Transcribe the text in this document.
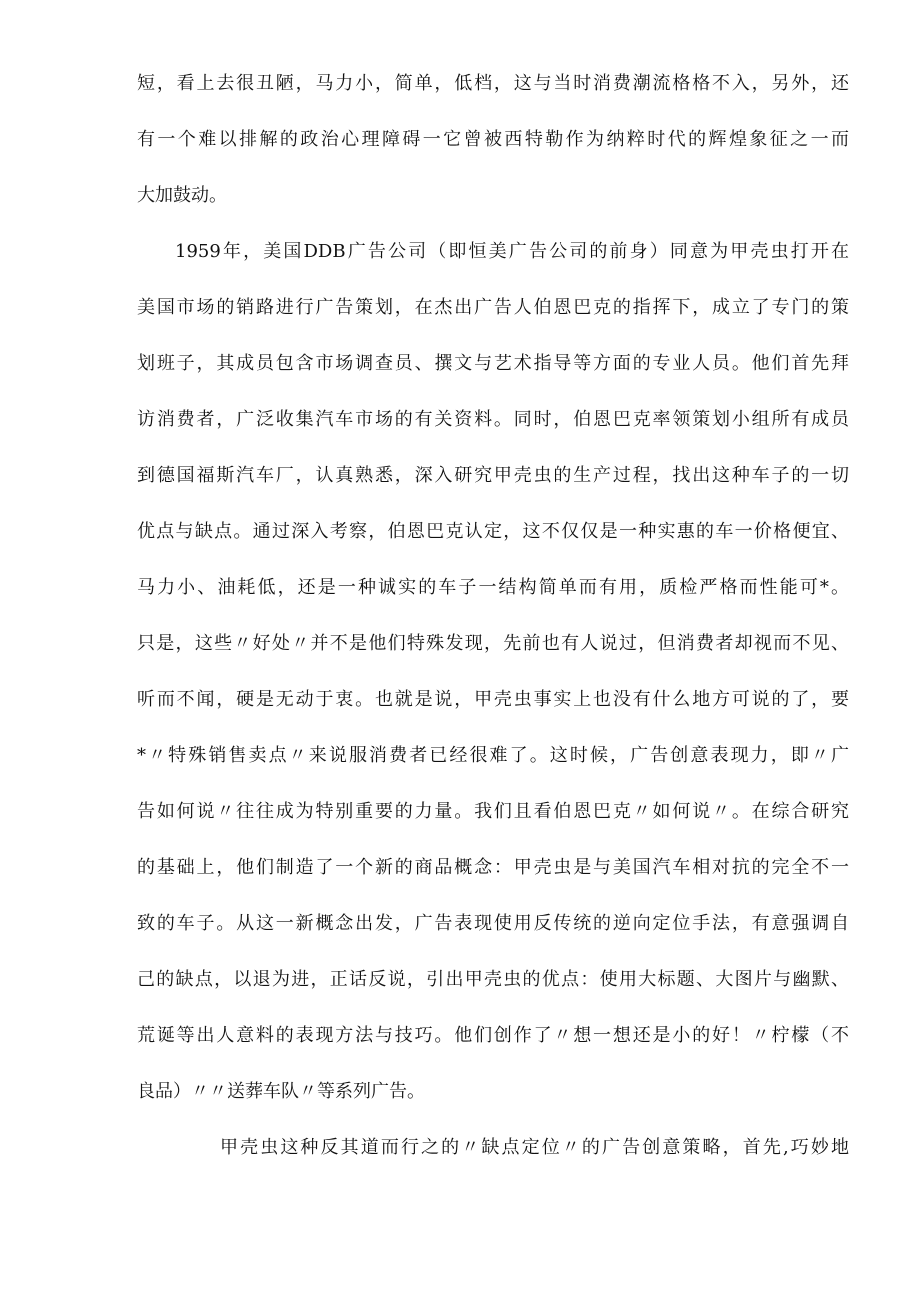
短，看上去很丑陋，马力小，简单，低档，这与当时消费潮流格格不入，另外，还
有一个难以排解的政治心理障碍一它曾被西特勒作为纳粹时代的辉煌象征之一而
大加鼓动。
1959年，美国DDB广告公司（即恒美广告公司的前身）同意为甲壳虫打开在
美国市场的销路进行广告策划，在杰出广告人伯恩巴克的指挥下，成立了专门的策
划班子，其成员包含市场调查员、撰文与艺术指导等方面的专业人员。他们首先拜
访消费者，广泛收集汽车市场的有关资料。同时，伯恩巴克率领策划小组所有成员
到德国福斯汽车厂，认真熟悉，深入研究甲壳虫的生产过程，找出这种车子的一切
优点与缺点。通过深入考察，伯恩巴克认定，这不仅仅是一种实惠的车一价格便宜、
马力小、油耗低，还是一种诚实的车子一结构简单而有用，质检严格而性能可*。
只是，这些〃好处〃并不是他们特殊发现，先前也有人说过，但消费者却视而不见、
听而不闻，硬是无动于衷。也就是说，甲壳虫事实上也没有什么地方可说的了，要
*〃特殊销售卖点〃来说服消费者已经很难了。这时候，广告创意表现力，即〃广
告如何说〃往往成为特别重要的力量。我们且看伯恩巴克〃如何说〃。在综合研究
的基础上，他们制造了一个新的商品概念：甲壳虫是与美国汽车相对抗的完全不一
致的车子。从这一新概念出发，广告表现使用反传统的逆向定位手法，有意强调自
己的缺点，以退为进，正话反说，引出甲壳虫的优点：使用大标题、大图片与幽默、
荒诞等出人意料的表现方法与技巧。他们创作了〃想一想还是小的好！〃柠檬（不
良品）〃〃送葬车队〃等系列广告。
甲壳虫这种反其道而行之的〃缺点定位〃的广告创意策略，首先,巧妙地
